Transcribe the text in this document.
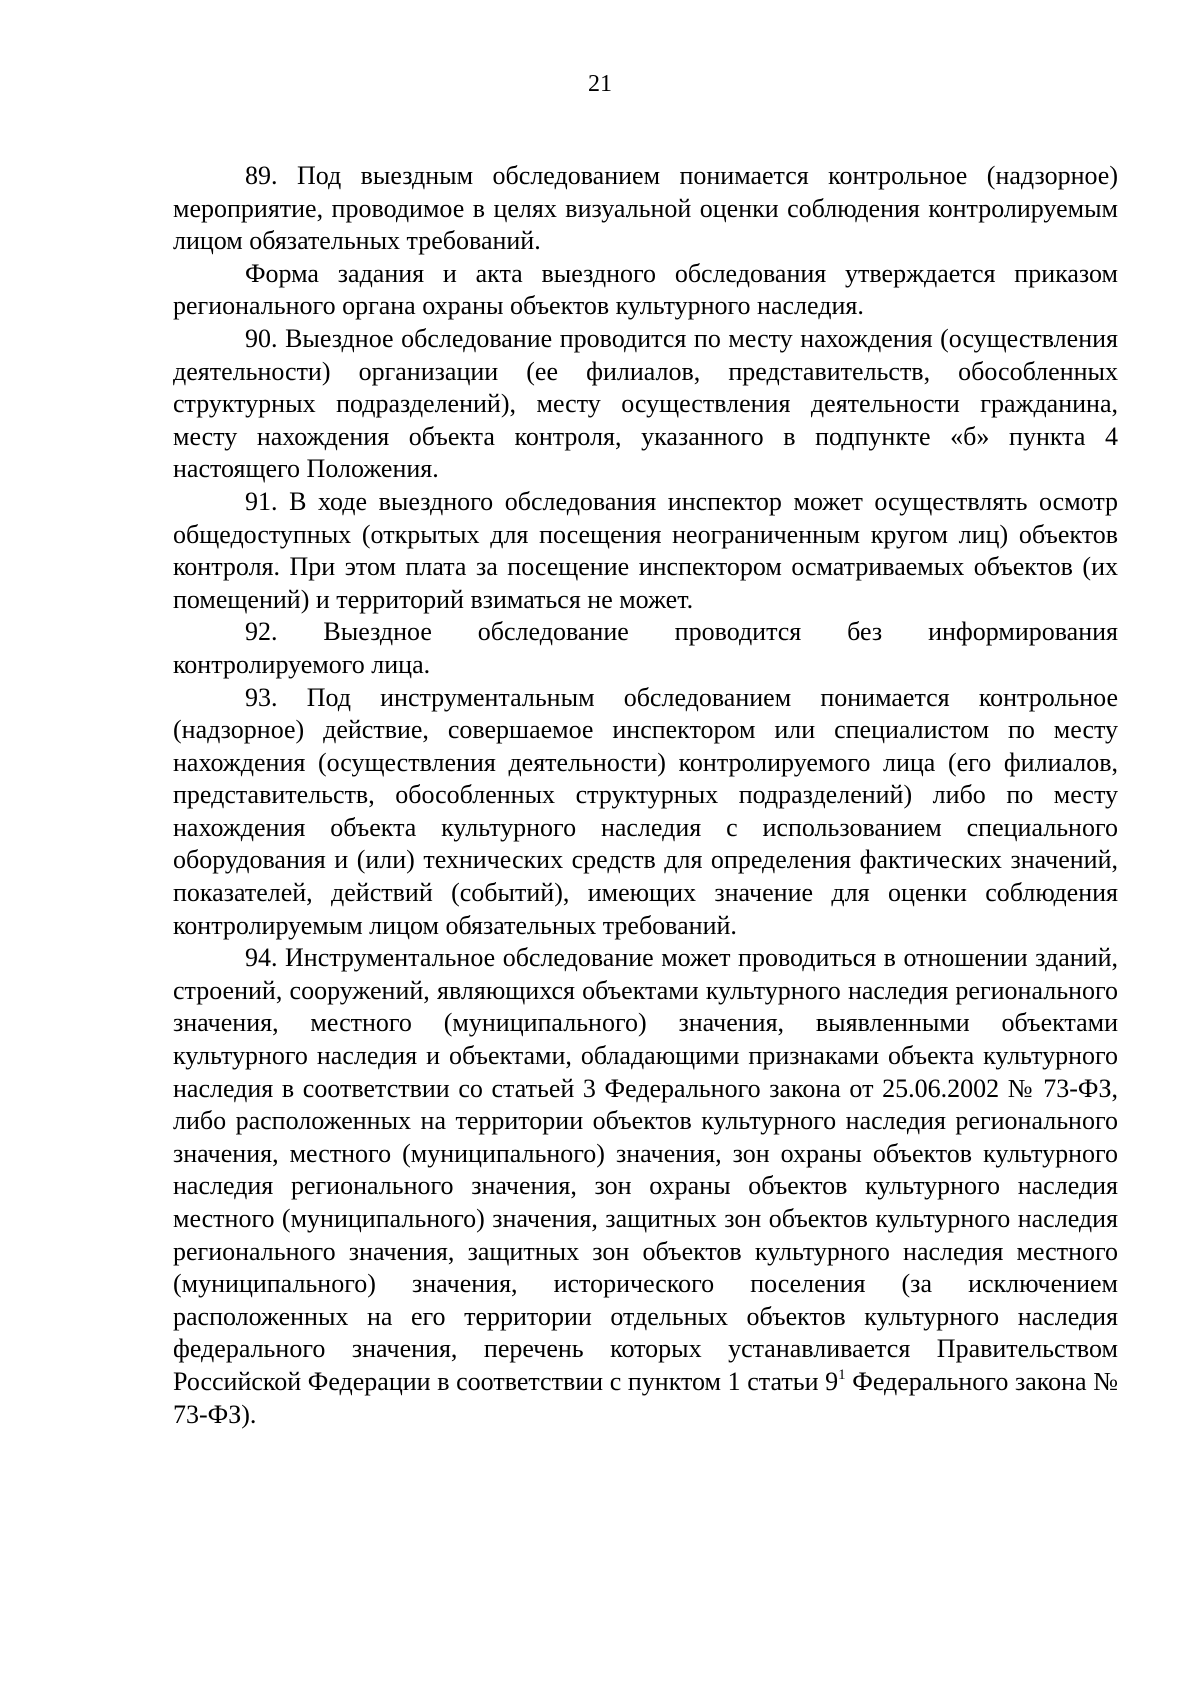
21

89. Под выездным обследованием понимается контрольное (надзорное) мероприятие, проводимое в целях визуальной оценки соблюдения контролируемым лицом обязательных требований.

Форма задания и акта выездного обследования утверждается приказом регионального органа охраны объектов культурного наследия.

90. Выездное обследование проводится по месту нахождения (осуществления деятельности) организации (ее филиалов, представительств, обособленных структурных подразделений), месту осуществления деятельности гражданина, месту нахождения объекта контроля, указанного в подпункте «б» пункта 4 настоящего Положения.

91. В ходе выездного обследования инспектор может осуществлять осмотр общедоступных (открытых для посещения неограниченным кругом лиц) объектов контроля. При этом плата за посещение инспектором осматриваемых объектов (их помещений) и территорий взиматься не может.

92. Выездное обследование проводится без информирования контролируемого лица.

93. Под инструментальным обследованием понимается контрольное (надзорное) действие, совершаемое инспектором или специалистом по месту нахождения (осуществления деятельности) контролируемого лица (его филиалов, представительств, обособленных структурных подразделений) либо по месту нахождения объекта культурного наследия с использованием специального оборудования и (или) технических средств для определения фактических значений, показателей, действий (событий), имеющих значение для оценки соблюдения контролируемым лицом обязательных требований.

94. Инструментальное обследование может проводиться в отношении зданий, строений, сооружений, являющихся объектами культурного наследия регионального значения, местного (муниципального) значения, выявленными объектами культурного наследия и объектами, обладающими признаками объекта культурного наследия в соответствии со статьей 3 Федерального закона от 25.06.2002 № 73-ФЗ, либо расположенных на территории объектов культурного наследия регионального значения, местного (муниципального) значения, зон охраны объектов культурного наследия регионального значения, зон охраны объектов культурного наследия местного (муниципального) значения, защитных зон объектов культурного наследия регионального значения, защитных зон объектов культурного наследия местного (муниципального) значения, исторического поселения (за исключением расположенных на его территории отдельных объектов культурного наследия федерального значения, перечень которых устанавливается Правительством Российской Федерации в соответствии с пунктом 1 статьи $9^1$ Федерального закона № 73-ФЗ).
